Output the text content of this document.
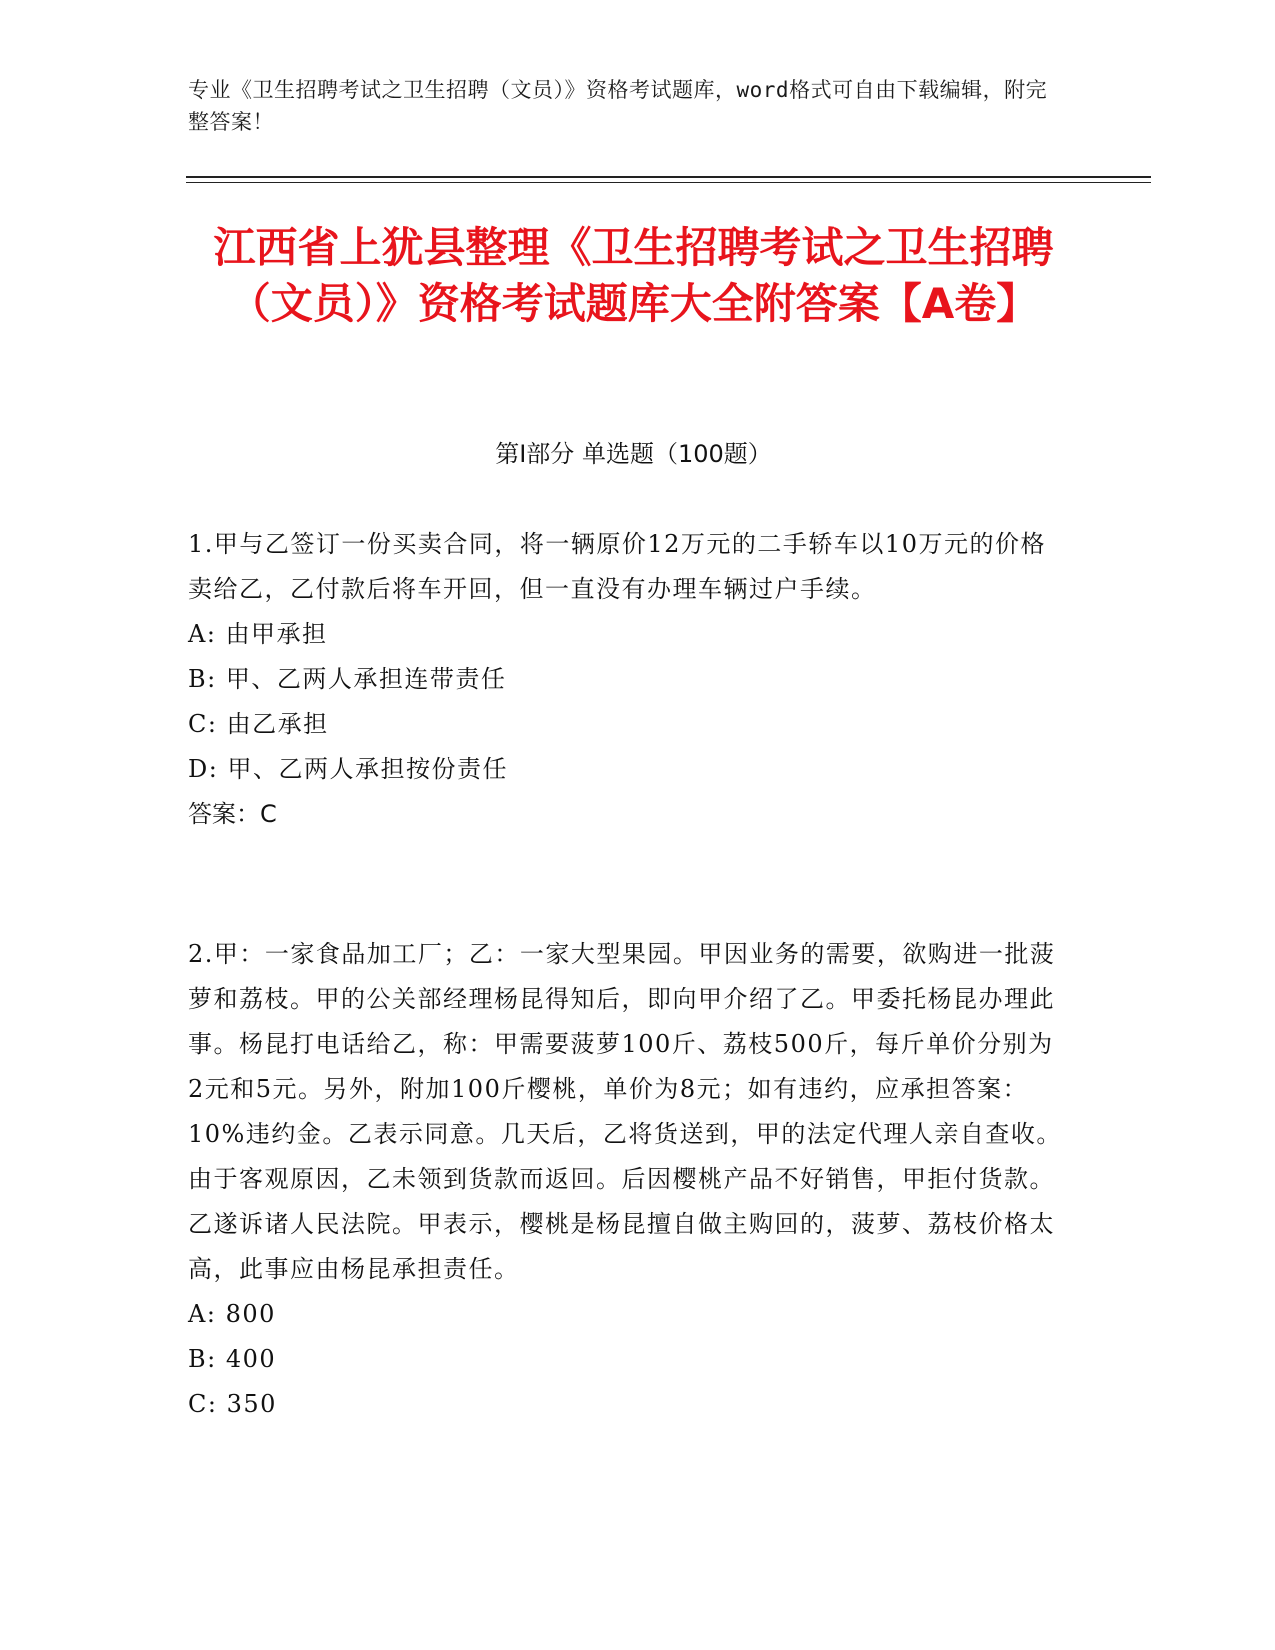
专业《卫生招聘考试之卫生招聘（文员）》资格考试题库，word格式可自由下载编辑，附完整答案！
江西省上犹县整理《卫生招聘考试之卫生招聘（文员）》资格考试题库大全附答案【A卷】
第I部分 单选题（100题）

1.甲与乙签订一份买卖合同，将一辆原价12万元的二手轿车以10万元的价格卖给乙，乙付款后将车开回，但一直没有办理车辆过户手续。

A: 由甲承担

B: 甲、乙两人承担连带责任

C: 由乙承担

D: 甲、乙两人承担按份责任

答案：C

2.甲：一家食品加工厂；乙：一家大型果园。甲因业务的需要，欲购进一批菠萝和荔枝。甲的公关部经理杨昆得知后，即向甲介绍了乙。甲委托杨昆办理此事。杨昆打电话给乙，称：甲需要菠萝100斤、荔枝500斤，每斤单价分别为2元和5元。另外，附加100斤樱桃，单价为8元；如有违约，应承担答案：10%违约金。乙表示同意。几天后，乙将货送到，甲的法定代理人亲自查收。由于客观原因，乙未领到货款而返回。后因樱桃产品不好销售，甲拒付货款。乙遂诉诸人民法院。甲表示，樱桃是杨昆擅自做主购回的，菠萝、荔枝价格太高，此事应由杨昆承担责任。

A: 800

B: 400

C: 350
